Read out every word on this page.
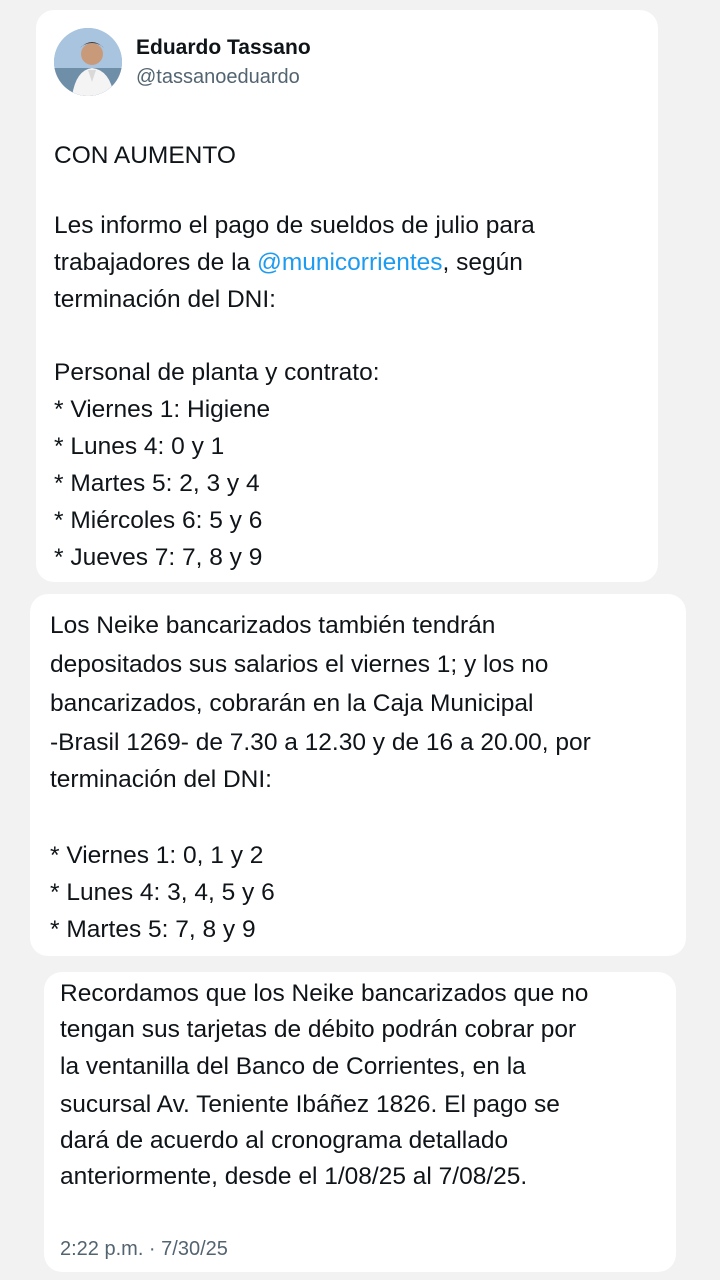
Eduardo Tassano
@tassanoeduardo
CON AUMENTO
Les informo el pago de sueldos de julio para
trabajadores de la @municorrientes, según
terminación del DNI:
Personal de planta y contrato:
* Viernes 1: Higiene
* Lunes 4: 0 y 1
* Martes 5: 2, 3 y 4
* Miércoles 6: 5 y 6
* Jueves 7: 7, 8 y 9
Los Neike bancarizados también tendrán
depositados sus salarios el viernes 1; y los no
bancarizados, cobrarán en la Caja Municipal
-Brasil 1269- de 7.30 a 12.30 y de 16 a 20.00, por
terminación del DNI:
* Viernes 1: 0, 1 y 2
* Lunes 4: 3, 4, 5 y 6
* Martes 5: 7, 8 y 9
Recordamos que los Neike bancarizados que no
tengan sus tarjetas de débito podrán cobrar por
la ventanilla del Banco de Corrientes, en la
sucursal Av. Teniente Ibáñez 1826. El pago se
dará de acuerdo al cronograma detallado
anteriormente, desde el 1/08/25 al 7/08/25.
2:22 p.m. · 7/30/25
